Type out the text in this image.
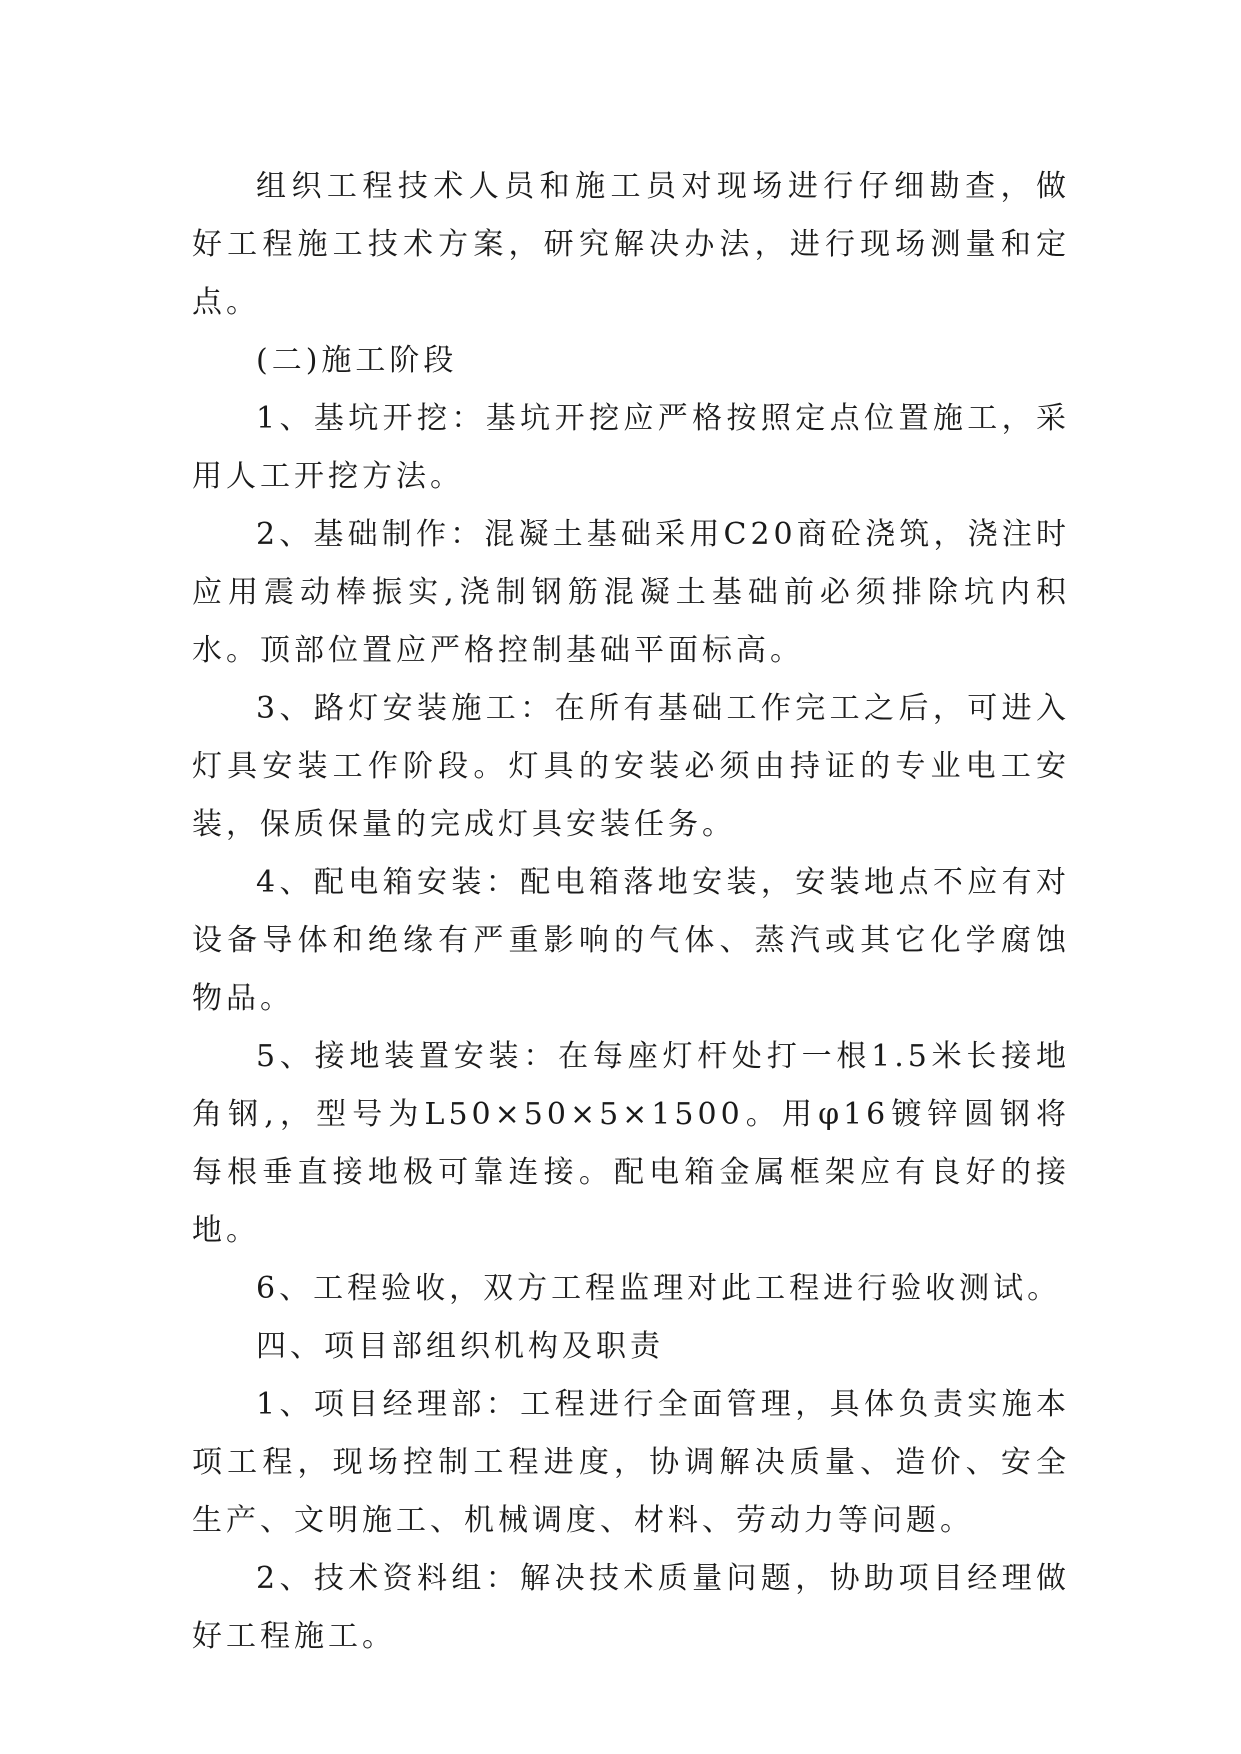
组织工程技术人员和施工员对现场进行仔细勘查，做好工程施工技术方案，研究解决办法，进行现场测量和定点。

(二)施工阶段

1、基坑开挖：基坑开挖应严格按照定点位置施工，采用人工开挖方法。

2、基础制作：混凝土基础采用C20商砼浇筑，浇注时应用震动棒振实,浇制钢筋混凝土基础前必须排除坑内积水。顶部位置应严格控制基础平面标高。

3、路灯安装施工：在所有基础工作完工之后，可进入灯具安装工作阶段。灯具的安装必须由持证的专业电工安装，保质保量的完成灯具安装任务。

4、配电箱安装：配电箱落地安装，安装地点不应有对设备导体和绝缘有严重影响的气体、蒸汽或其它化学腐蚀物品。

5、接地装置安装：在每座灯杆处打一根1.5米长接地角钢,，型号为L50×50×5×1500。用φ16镀锌圆钢将每根垂直接地极可靠连接。配电箱金属框架应有良好的接地。

6、工程验收，双方工程监理对此工程进行验收测试。

四、项目部组织机构及职责

1、项目经理部：工程进行全面管理，具体负责实施本项工程，现场控制工程进度，协调解决质量、造价、安全生产、文明施工、机械调度、材料、劳动力等问题。

2、技术资料组：解决技术质量问题，协助项目经理做好工程施工。
